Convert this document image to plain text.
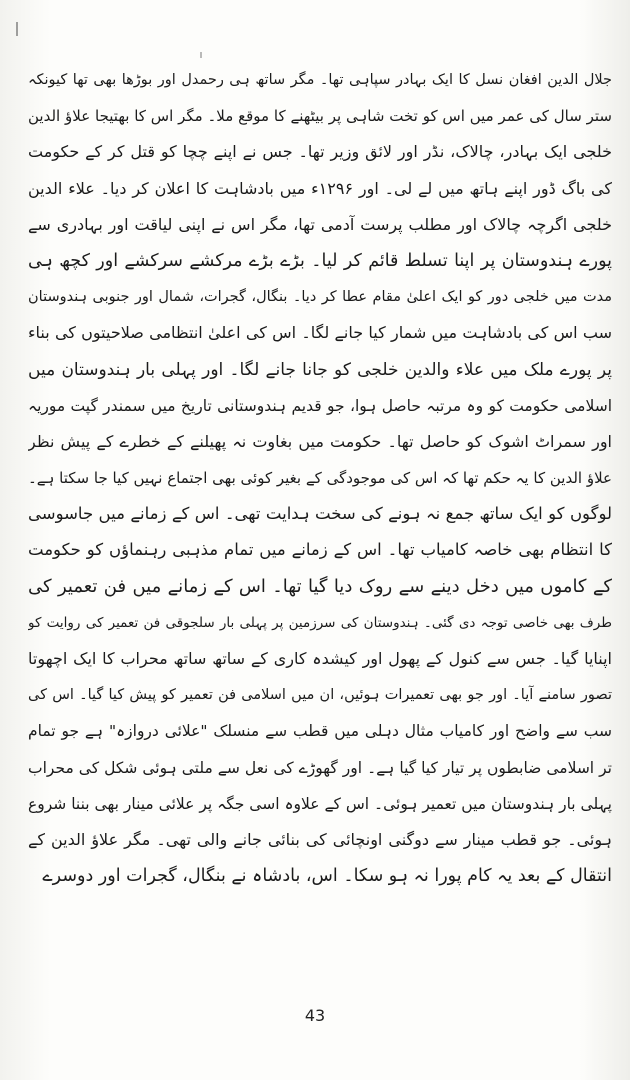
جلال الدین افغان نسل کا ایک بہادر سپاہی تھا۔ مگر ساتھ ہی رحمدل اور بوڑھا بھی تھا کیونکہ
ستر سال کی عمر میں اس کو تخت شاہی پر بیٹھنے کا موقع ملا۔ مگر اس کا بھتیجا علاؤ الدین
خلجی ایک بہادر، چالاک، نڈر اور لائق وزیر تھا۔ جس نے اپنے چچا کو قتل کر کے حکومت
کی باگ ڈور اپنے ہاتھ میں لے لی۔ اور ۱۲۹۶ء میں بادشاہت کا اعلان کر دیا۔ علاء الدین
خلجی اگرچہ چالاک اور مطلب پرست آدمی تھا، مگر اس نے اپنی لیاقت اور بہادری سے
پورے ہندوستان پر اپنا تسلط قائم کر لیا۔ بڑے بڑے مرکشے سرکشے اور کچھ ہی
مدت میں خلجی دور کو ایک اعلیٰ مقام عطا کر دیا۔ بنگال، گجرات، شمال اور جنوبی ہندوستان
سب اس کی بادشاہت میں شمار کیا جانے لگا۔ اس کی اعلیٰ انتظامی صلاحیتوں کی بناء
پر پورے ملک میں علاء والدین خلجی کو جانا جانے لگا۔ اور پہلی بار ہندوستان میں
اسلامی حکومت کو وہ مرتبہ حاصل ہوا، جو قدیم ہندوستانی تاریخ میں سمندر گپت موریہ
اور سمراٹ اشوک کو حاصل تھا۔ حکومت میں بغاوت نہ پھیلنے کے خطرے کے پیش نظر
علاؤ الدین کا یہ حکم تھا کہ اس کی موجودگی کے بغیر کوئی بھی اجتماع نہیں کیا جا سکتا ہے۔
لوگوں کو ایک ساتھ جمع نہ ہونے کی سخت ہدایت تھی۔ اس کے زمانے میں جاسوسی
کا انتظام بھی خاصہ کامیاب تھا۔ اس کے زمانے میں تمام مذہبی رہنماؤں کو حکومت
کے کاموں میں دخل دینے سے روک دیا گیا تھا۔ اس کے زمانے میں فن تعمیر کی
طرف بھی خاصی توجہ دی گئی۔ ہندوستان کی سرزمین پر پہلی بار سلجوقی فن تعمیر کی روایت کو
اپنایا گیا۔ جس سے کنول کے پھول اور کیشدہ کاری کے ساتھ ساتھ محراب کا ایک اچھوتا
تصور سامنے آیا۔ اور جو بھی تعمیرات ہوئیں، ان میں اسلامی فن تعمیر کو پیش کیا گیا۔ اس کی
سب سے واضح اور کامیاب مثال دہلی میں قطب سے منسلک "علائی دروازہ" ہے جو تمام
تر اسلامی ضابطوں پر تیار کیا گیا ہے۔ اور گھوڑے کی نعل سے ملتی ہوئی شکل کی محراب
پہلی بار ہندوستان میں تعمیر ہوئی۔ اس کے علاوہ اسی جگہ پر علائی مینار بھی بننا شروع
ہوئی۔ جو قطب مینار سے دوگنی اونچائی کی بنائی جانے والی تھی۔ مگر علاؤ الدین کے
انتقال کے بعد یہ کام پورا نہ ہو سکا۔ اس، بادشاہ نے بنگال، گجرات اور دوسرے
43
